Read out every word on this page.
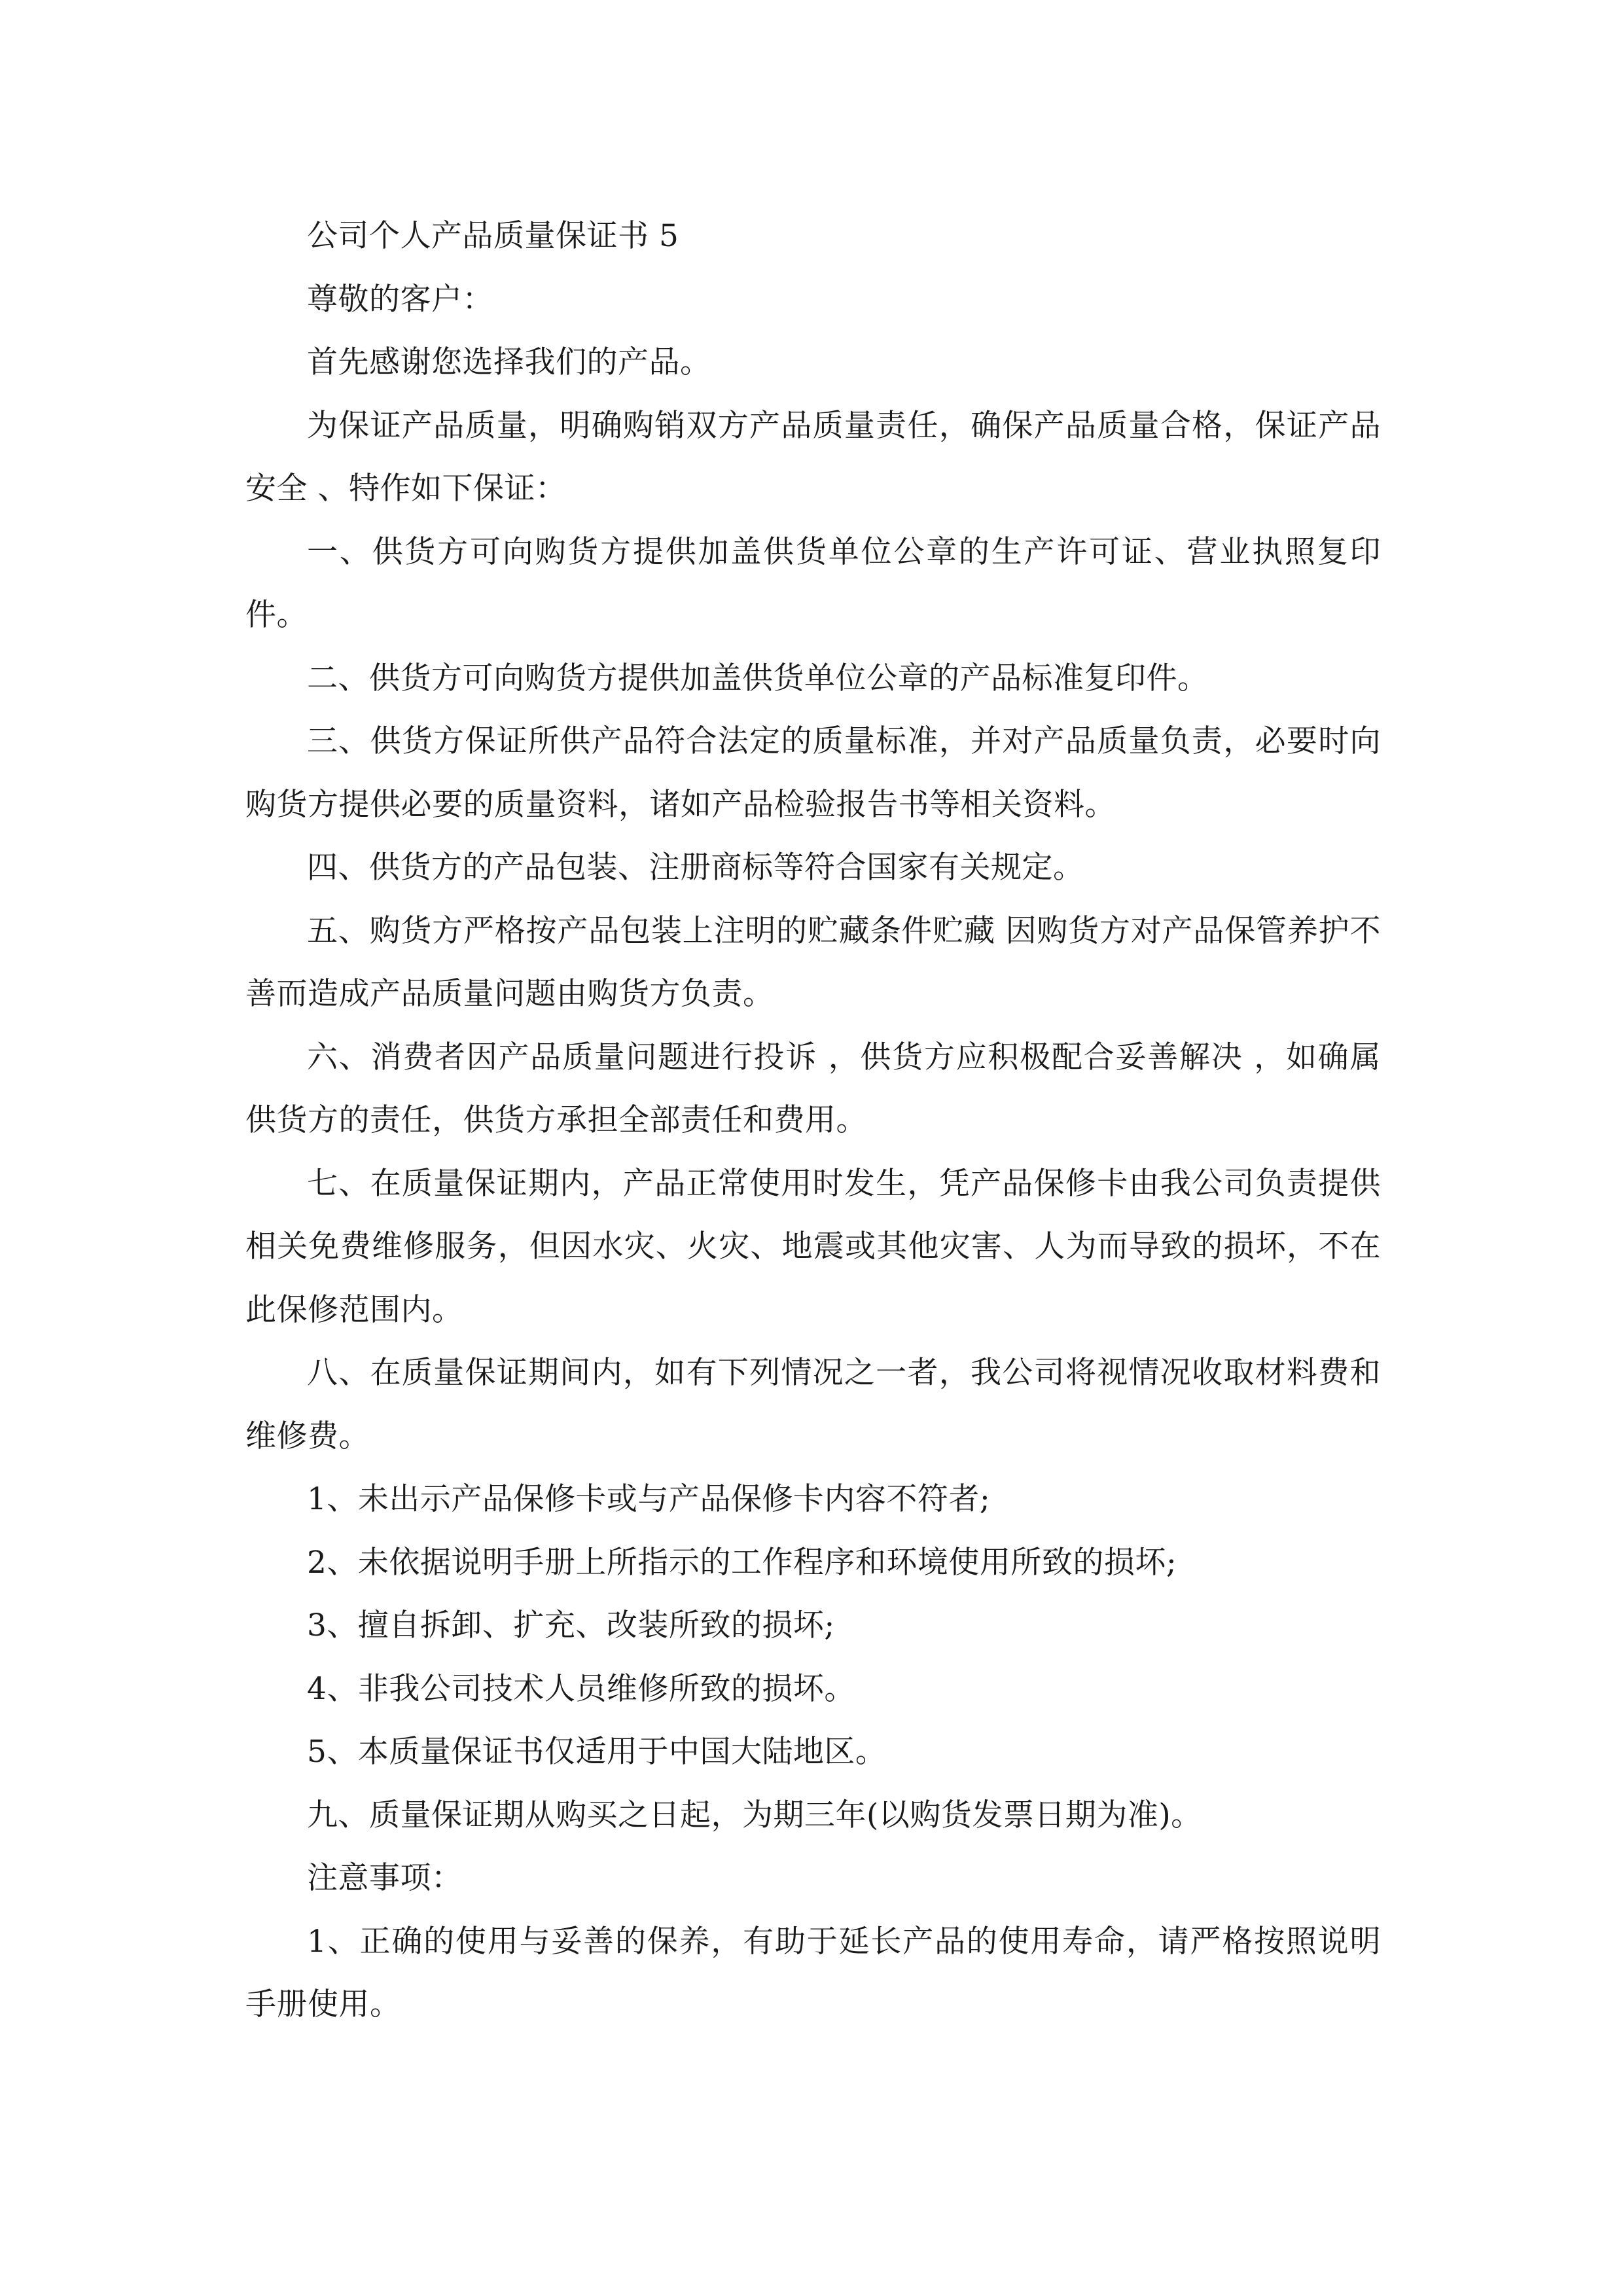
公司个人产品质量保证书 5

尊敬的客户：

首先感谢您选择我们的产品。

为保证产品质量，明确购销双方产品质量责任，确保产品质量合格，保证产品安全 、特作如下保证：

一、供货方可向购货方提供加盖供货单位公章的生产许可证、营业执照复印件。

二、供货方可向购货方提供加盖供货单位公章的产品标准复印件。

三、供货方保证所供产品符合法定的质量标准，并对产品质量负责，必要时向购货方提供必要的质量资料，诸如产品检验报告书等相关资料。

四、供货方的产品包装、注册商标等符合国家有关规定。

五、购货方严格按产品包装上注明的贮藏条件贮藏 因购货方对产品保管养护不善而造成产品质量问题由购货方负责。

六、消费者因产品质量问题进行投诉 ，供货方应积极配合妥善解决 ，如确属供货方的责任，供货方承担全部责任和费用。

七、在质量保证期内，产品正常使用时发生，凭产品保修卡由我公司负责提供相关免费维修服务，但因水灾、火灾、地震或其他灾害、人为而导致的损坏，不在此保修范围内。

八、在质量保证期间内，如有下列情况之一者，我公司将视情况收取材料费和维修费。

1、未出示产品保修卡或与产品保修卡内容不符者;

2、未依据说明手册上所指示的工作程序和环境使用所致的损坏;

3、擅自拆卸、扩充、改装所致的损坏;

4、非我公司技术人员维修所致的损坏。

5、本质量保证书仅适用于中国大陆地区。

九、质量保证期从购买之日起，为期三年(以购货发票日期为准)。

注意事项：

1、正确的使用与妥善的保养，有助于延长产品的使用寿命，请严格按照说明手册使用。
